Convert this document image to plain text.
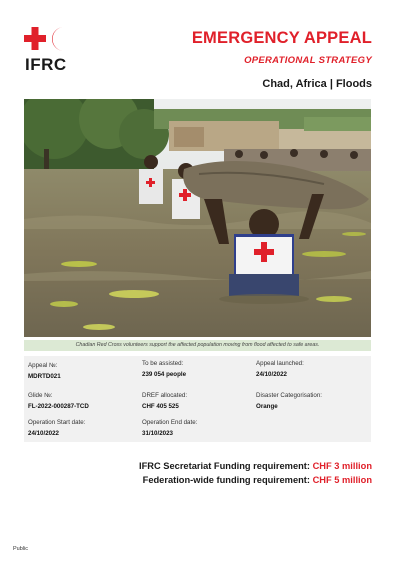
IFRC
EMERGENCY APPEAL
OPERATIONAL STRATEGY
Chad, Africa | Floods
Chadian Red Cross volunteers support the affected population moving from flood affected to safe areas.
Appeal №:
MDRTD021
To be assisted:
239 054 people
Appeal launched:
24/10/2022
Glide №:
FL-2022-000287-TCD
DREF allocated:
CHF 405 525
Disaster Categorisation:
Orange
Operation Start date:
24/10/2022
Operation End date:
31/10/2023
IFRC Secretariat Funding requirement: CHF 3 million
Federation-wide funding requirement: CHF 5 million
Public
